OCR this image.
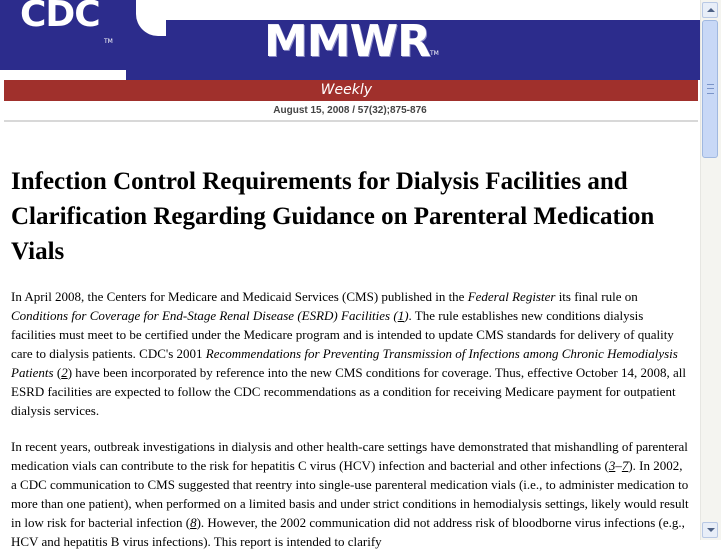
CDC
TM	MMWR TM
Weekly
August 15, 2008 / 57(32);875-876
Infection Control Requirements for Dialysis Facilities and Clarification Regarding Guidance on Parenteral Medication Vials

In April 2008, the Centers for Medicare and Medicaid Services (CMS) published in the Federal Register its final rule on Conditions for Coverage for End-Stage Renal Disease (ESRD) Facilities (1). The rule establishes new conditions dialysis facilities must meet to be certified under the Medicare program and is intended to update CMS standards for delivery of quality care to dialysis patients. CDC's 2001 Recommendations for Preventing Transmission of Infections among Chronic Hemodialysis Patients (2) have been incorporated by reference into the new CMS conditions for coverage. Thus, effective October 14, 2008, all ESRD facilities are expected to follow the CDC recommendations as a condition for receiving Medicare payment for outpatient dialysis services.

In recent years, outbreak investigations in dialysis and other health-care settings have demonstrated that mishandling of parenteral medication vials can contribute to the risk for hepatitis C virus (HCV) infection and bacterial and other infections (3–7). In 2002, a CDC communication to CMS suggested that reentry into single-use parenteral medication vials (i.e., to administer medication to more than one patient), when performed on a limited basis and under strict conditions in hemodialysis settings, likely would result in low risk for bacterial infection (8). However, the 2002 communication did not address risk of bloodborne virus infections (e.g., HCV and hepatitis B virus infections). This report is intended to clarify
